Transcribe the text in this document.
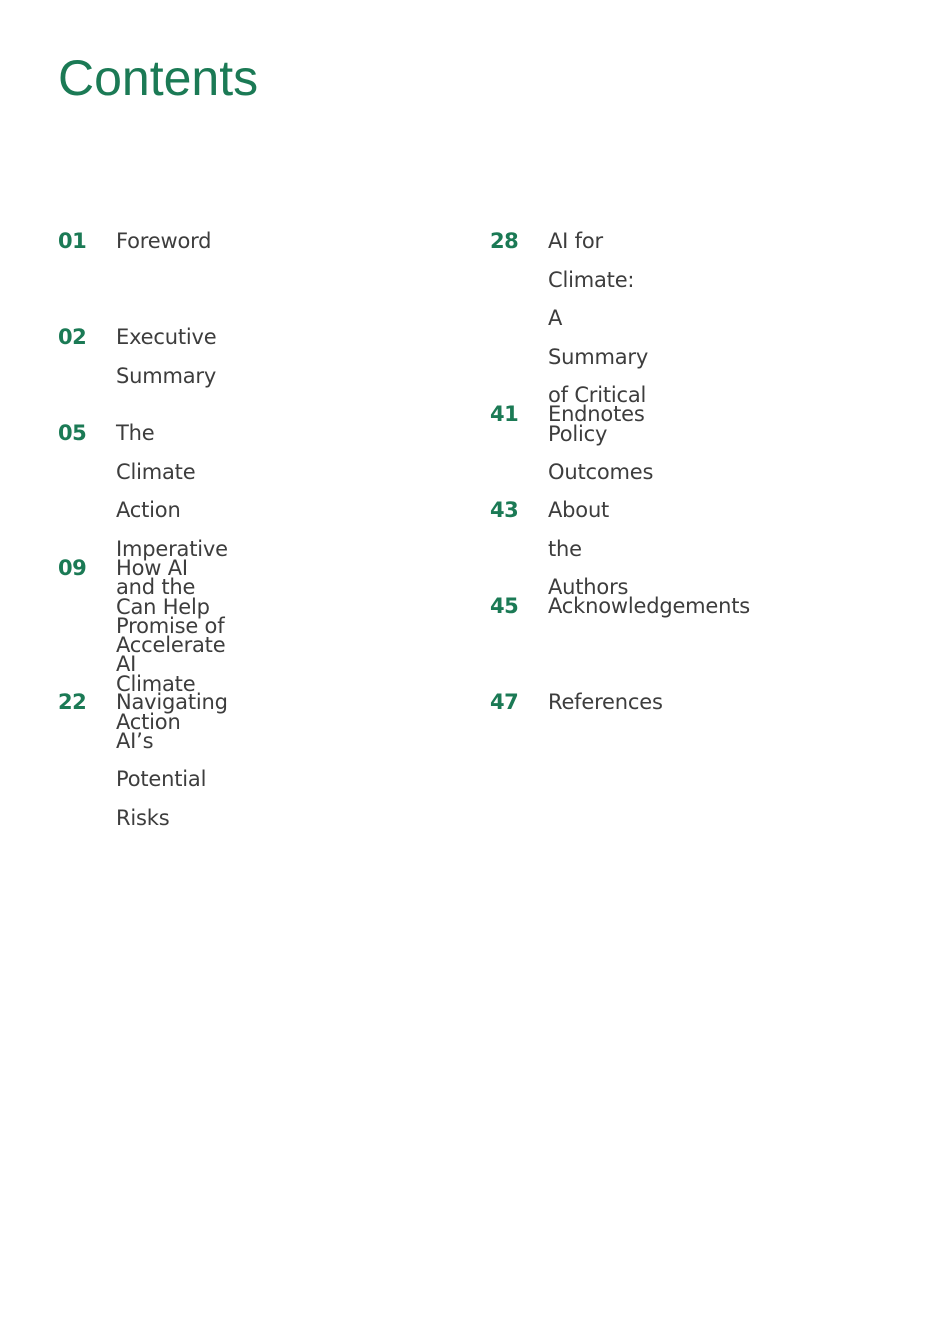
Contents
01 Foreword
02 Executive Summary
05 The Climate Action Imperative
and the Promise of AI
09 How AI Can Help
Accelerate Climate Action
22 Navigating AI’s Potential Risks
28 AI for Climate:
A Summary of Critical Policy
Outcomes
41 Endnotes
43 About the Authors
45 Acknowledgements
47 References
